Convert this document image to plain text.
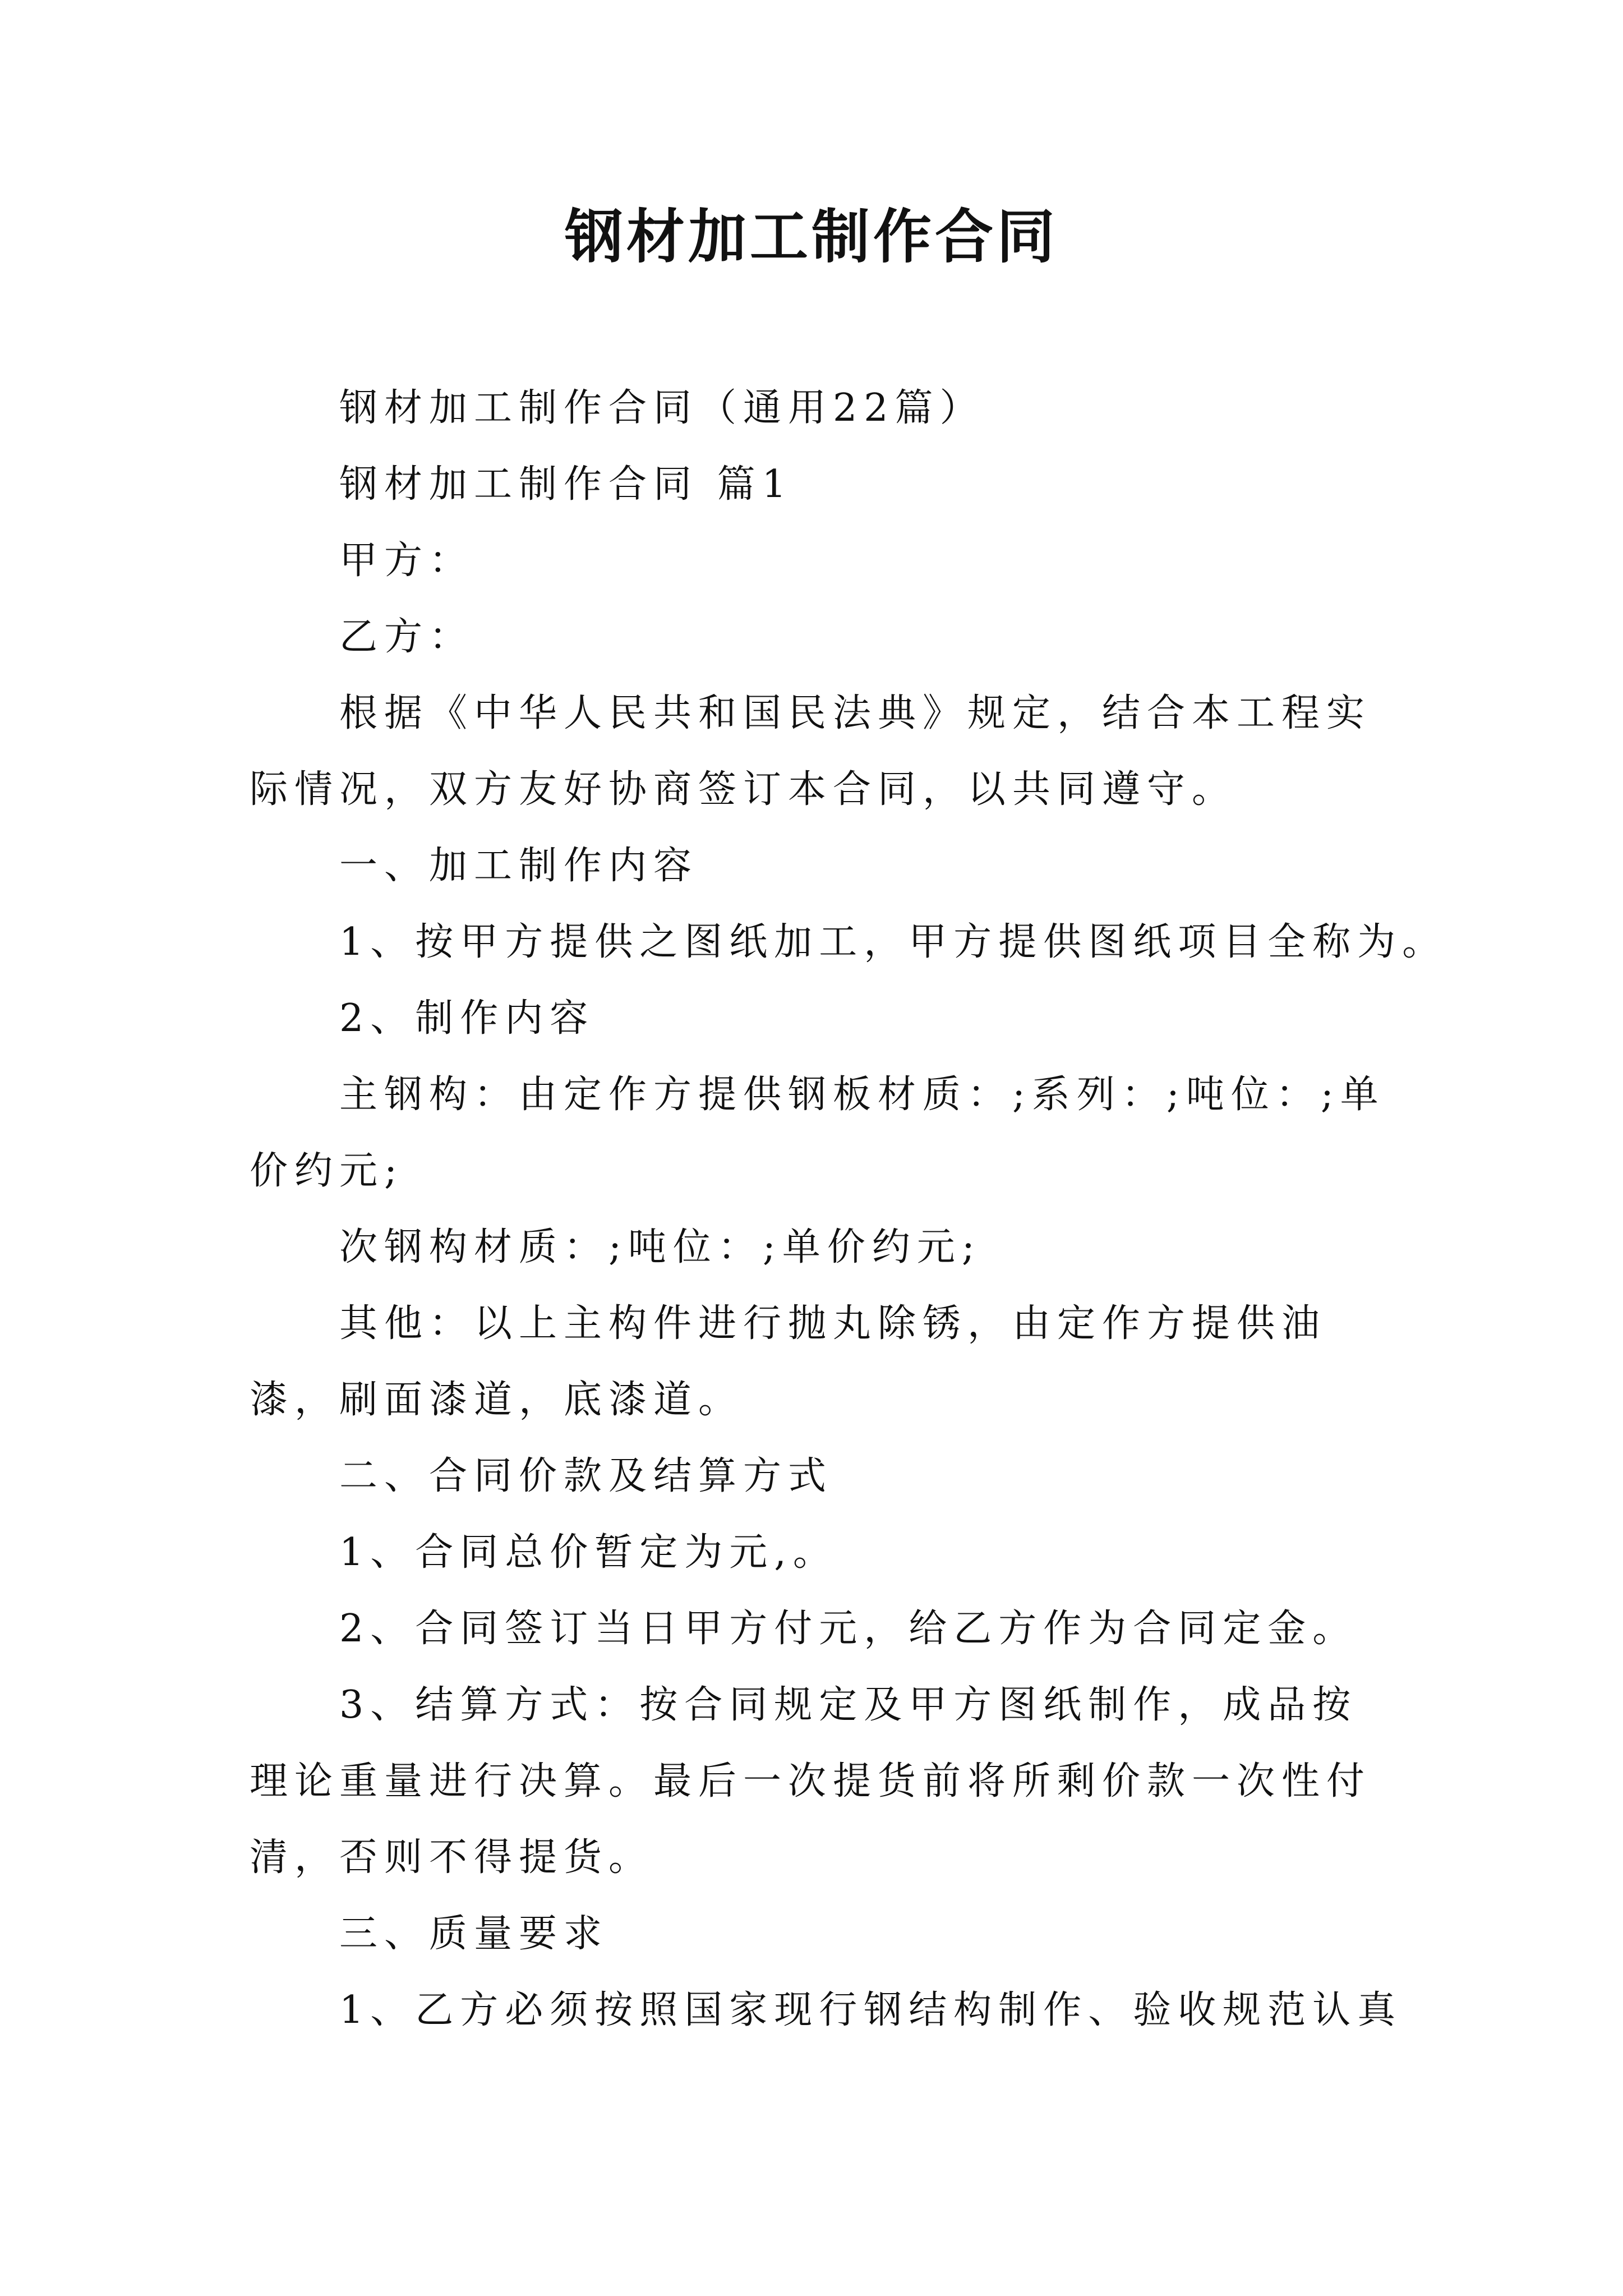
钢材加工制作合同

钢材加工制作合同（通用22篇）

钢材加工制作合同 篇1

甲方：

乙方：

根据《中华人民共和国民法典》规定，结合本工程实际情况，双方友好协商签订本合同，以共同遵守。

一、加工制作内容

1、按甲方提供之图纸加工，甲方提供图纸项目全称为。

2、制作内容

主钢构：由定作方提供钢板材质：;系列：;吨位：;单价约元;

次钢构材质：;吨位：;单价约元;

其他：以上主构件进行抛丸除锈，由定作方提供油漆，刷面漆道，底漆道。

二、合同价款及结算方式

1、合同总价暂定为元,。

2、合同签订当日甲方付元，给乙方作为合同定金。

3、结算方式：按合同规定及甲方图纸制作，成品按理论重量进行决算。最后一次提货前将所剩价款一次性付清，否则不得提货。

三、质量要求

1、乙方必须按照国家现行钢结构制作、验收规范认真
